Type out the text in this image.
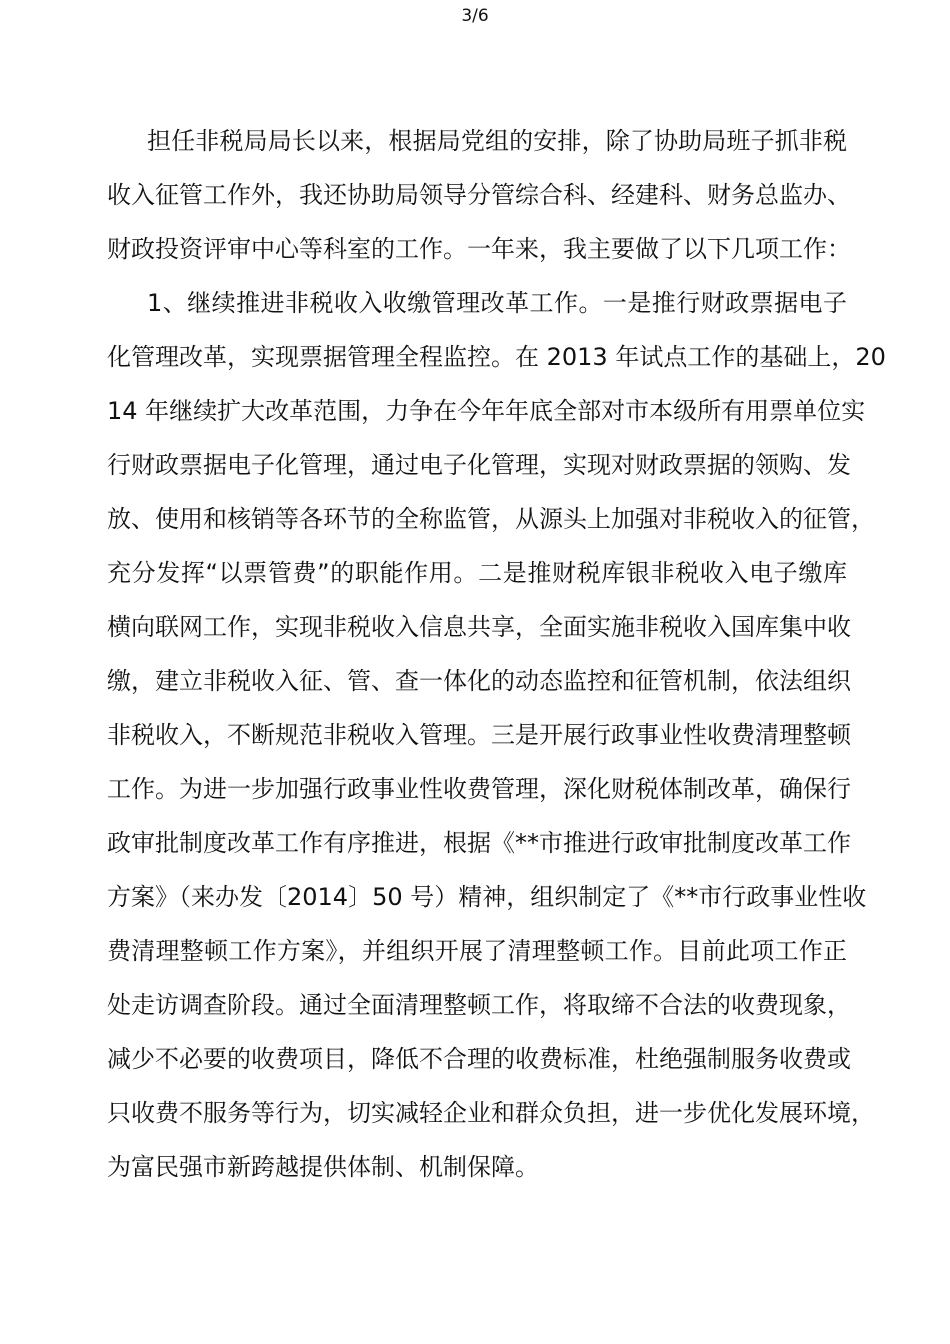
3/6
担任非税局局长以来，根据局党组的安排，除了协助局班子抓非税
收入征管工作外，我还协助局领导分管综合科、经建科、财务总监办、
财政投资评审中心等科室的工作。一年来，我主要做了以下几项工作：
1、继续推进非税收入收缴管理改革工作。一是推行财政票据电子
化管理改革，实现票据管理全程监控。在 2013 年试点工作的基础上，20
14 年继续扩大改革范围，力争在今年年底全部对市本级所有用票单位实
行财政票据电子化管理，通过电子化管理，实现对财政票据的领购、发
放、使用和核销等各环节的全称监管，从源头上加强对非税收入的征管，
充分发挥“以票管费”的职能作用。二是推财税库银非税收入电子缴库
横向联网工作，实现非税收入信息共享，全面实施非税收入国库集中收
缴，建立非税收入征、管、查一体化的动态监控和征管机制，依法组织
非税收入，不断规范非税收入管理。三是开展行政事业性收费清理整顿
工作。为进一步加强行政事业性收费管理，深化财税体制改革，确保行
政审批制度改革工作有序推进，根据《**市推进行政审批制度改革工作
方案》（来办发〔2014〕50 号）精神，组织制定了《**市行政事业性收
费清理整顿工作方案》，并组织开展了清理整顿工作。目前此项工作正
处走访调查阶段。通过全面清理整顿工作，将取缔不合法的收费现象，
减少不必要的收费项目，降低不合理的收费标准，杜绝强制服务收费或
只收费不服务等行为，切实减轻企业和群众负担，进一步优化发展环境，
为富民强市新跨越提供体制、机制保障。
